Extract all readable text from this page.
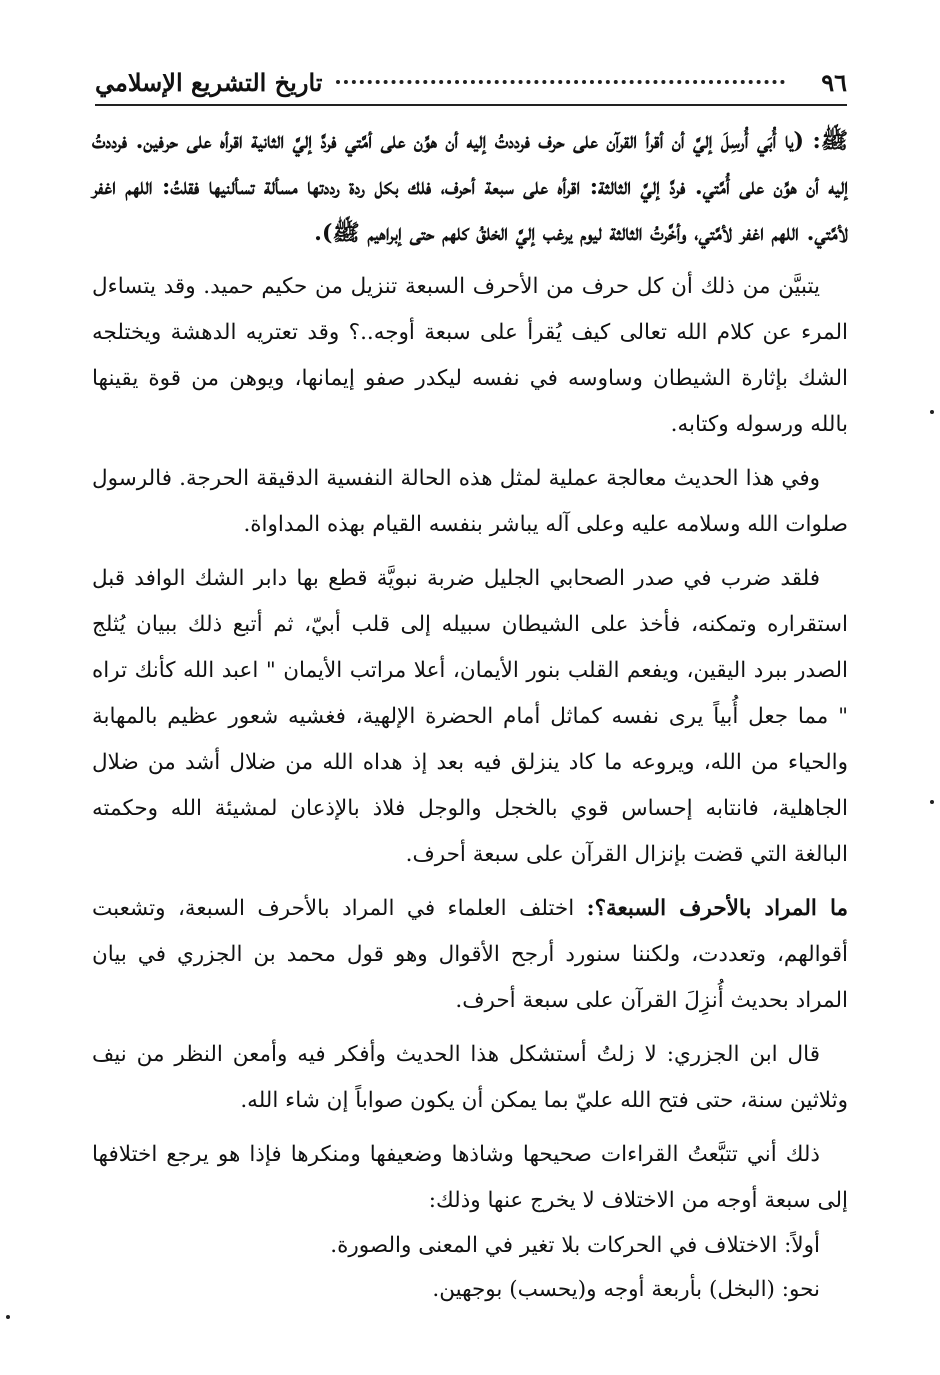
٩٦
تاريخ التشريع الإسلامي

ﷺ: (يا أُبَي أُرسِلَ إليَّ أن أقرأ القرآن على حرف فرددتُ إليه أن هوِّن على أمَّتي فردَّ إليَّ الثانية اقرأه على حرفين. فرددتُ إليه أن هوِّن على أُمَّتي. فردَّ إليَّ الثالثة: اقرأه على سبعة أحرف، فلك بكل ردة رددتها مسألة تسألنيها فقلتُ: اللهم اغفر لأمَّتي. اللهم اغفر لأمَّتي، وأخَّرتُ الثالثة ليوم يرغب إليَّ الخلقُ كلهم حتى إبراهيم ﷺ).

يتبيَّن من ذلك أن كل حرف من الأحرف السبعة تنزيل من حكيم حميد. وقد يتساءل المرء عن كلام الله تعالى كيف يُقرأ على سبعة أوجه..؟ وقد تعتريه الدهشة ويختلجه الشك بإثارة الشيطان وساوسه في نفسه ليكدر صفو إيمانها، ويوهن من قوة يقينها بالله ورسوله وكتابه.

وفي هذا الحديث معالجة عملية لمثل هذه الحالة النفسية الدقيقة الحرجة. فالرسول صلوات الله وسلامه عليه وعلى آله يباشر بنفسه القيام بهذه المداواة.

فلقد ضرب في صدر الصحابي الجليل ضربة نبويَّة قطع بها دابر الشك الوافد قبل استقراره وتمكنه، فأخذ على الشيطان سبيله إلى قلب أبيّ، ثم أتبع ذلك ببيان يُثلج الصدر ببرد اليقين، ويفعم القلب بنور الأيمان، أعلا مراتب الأيمان " اعبد الله كأنك تراه " مما جعل أُبياً يرى نفسه كماثل أمام الحضرة الإلهية، فغشيه شعور عظيم بالمهابة والحياء من الله، ويروعه ما كاد ينزلق فيه بعد إذ هداه الله من ضلال أشد من ضلال الجاهلية، فانتابه إحساس قوي بالخجل والوجل فلاذ بالإذعان لمشيئة الله وحكمته البالغة التي قضت بإنزال القرآن على سبعة أحرف.

ما المراد بالأحرف السبعة؟: اختلف العلماء في المراد بالأحرف السبعة، وتشعبت أقوالهم، وتعددت، ولكننا سنورد أرجح الأقوال وهو قول محمد بن الجزري في بيان المراد بحديث أُنزِلَ القرآن على سبعة أحرف.

قال ابن الجزري: لا زلتُ أستشكل هذا الحديث وأفكر فيه وأمعن النظر من نيف وثلاثين سنة، حتى فتح الله عليّ بما يمكن أن يكون صواباً إن شاء الله.

ذلك أني تتبَّعتُ القراءات صحيحها وشاذها وضعيفها ومنكرها فإذا هو يرجع اختلافها إلى سبعة أوجه من الاختلاف لا يخرج عنها وذلك:

أولاً: الاختلاف في الحركات بلا تغير في المعنى والصورة.

نحو: (البخل) بأربعة أوجه و(يحسب) بوجهين.
